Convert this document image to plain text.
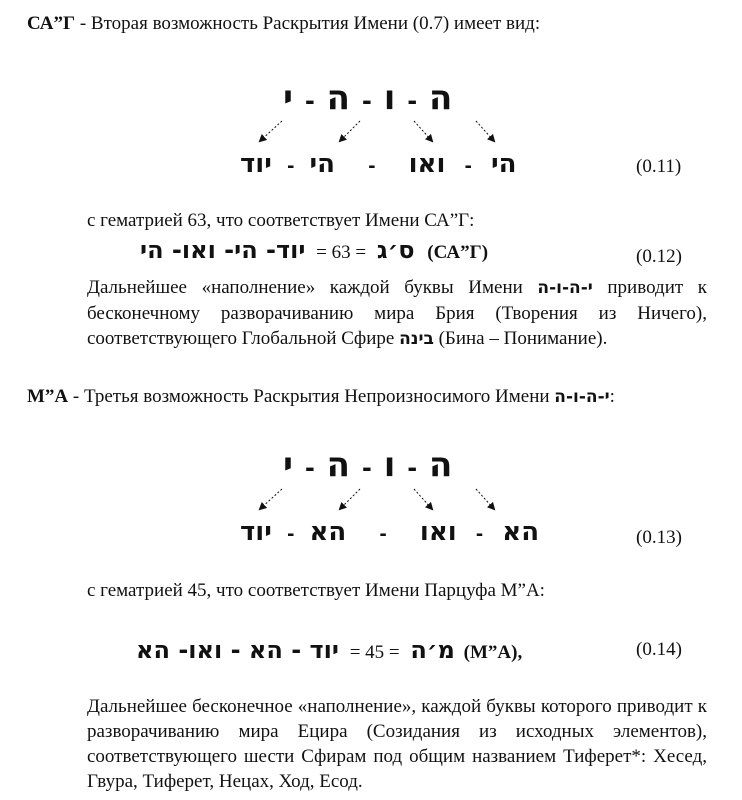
СА”Г - Вторая возможность Раскрытия Имени (0.7) имеет вид:
ה - ו - ה - י
הי - ואו - הי - יוד	(0.11)
с гематрией 63, что соответствует Имени СА”Г:
יוד- הי- ואו- הי = 63 = ס׳ג (СА”Г)	(0.12)
Дальнейшее «наполнение» каждой буквы Имени י-ה-ו-ה приводит к бесконечному разворачиванию мира Брия (Творения из Ничего), соответствующего Глобальной Сфире בינה (Бина – Понимание).
М”А - Третья возможность Раскрытия Непроизносимого Имени י-ה-ו-ה:
ה - ו - ה - י
הא - ואו - הא - יוד	(0.13)
с гематрией 45, что соответствует Имени Парцуфа М”А:
יוד - הא - ואו- הא = 45 = מ׳ה (М”А),	(0.14)
Дальнейшее бесконечное «наполнение», каждой буквы которого приводит к разворачиванию мира Ецира (Созидания из исходных элементов), соответствующего шести Сфирам под общим названием Тиферет*: Хесед, Гвура, Тиферет, Нецах, Ход, Есод.
